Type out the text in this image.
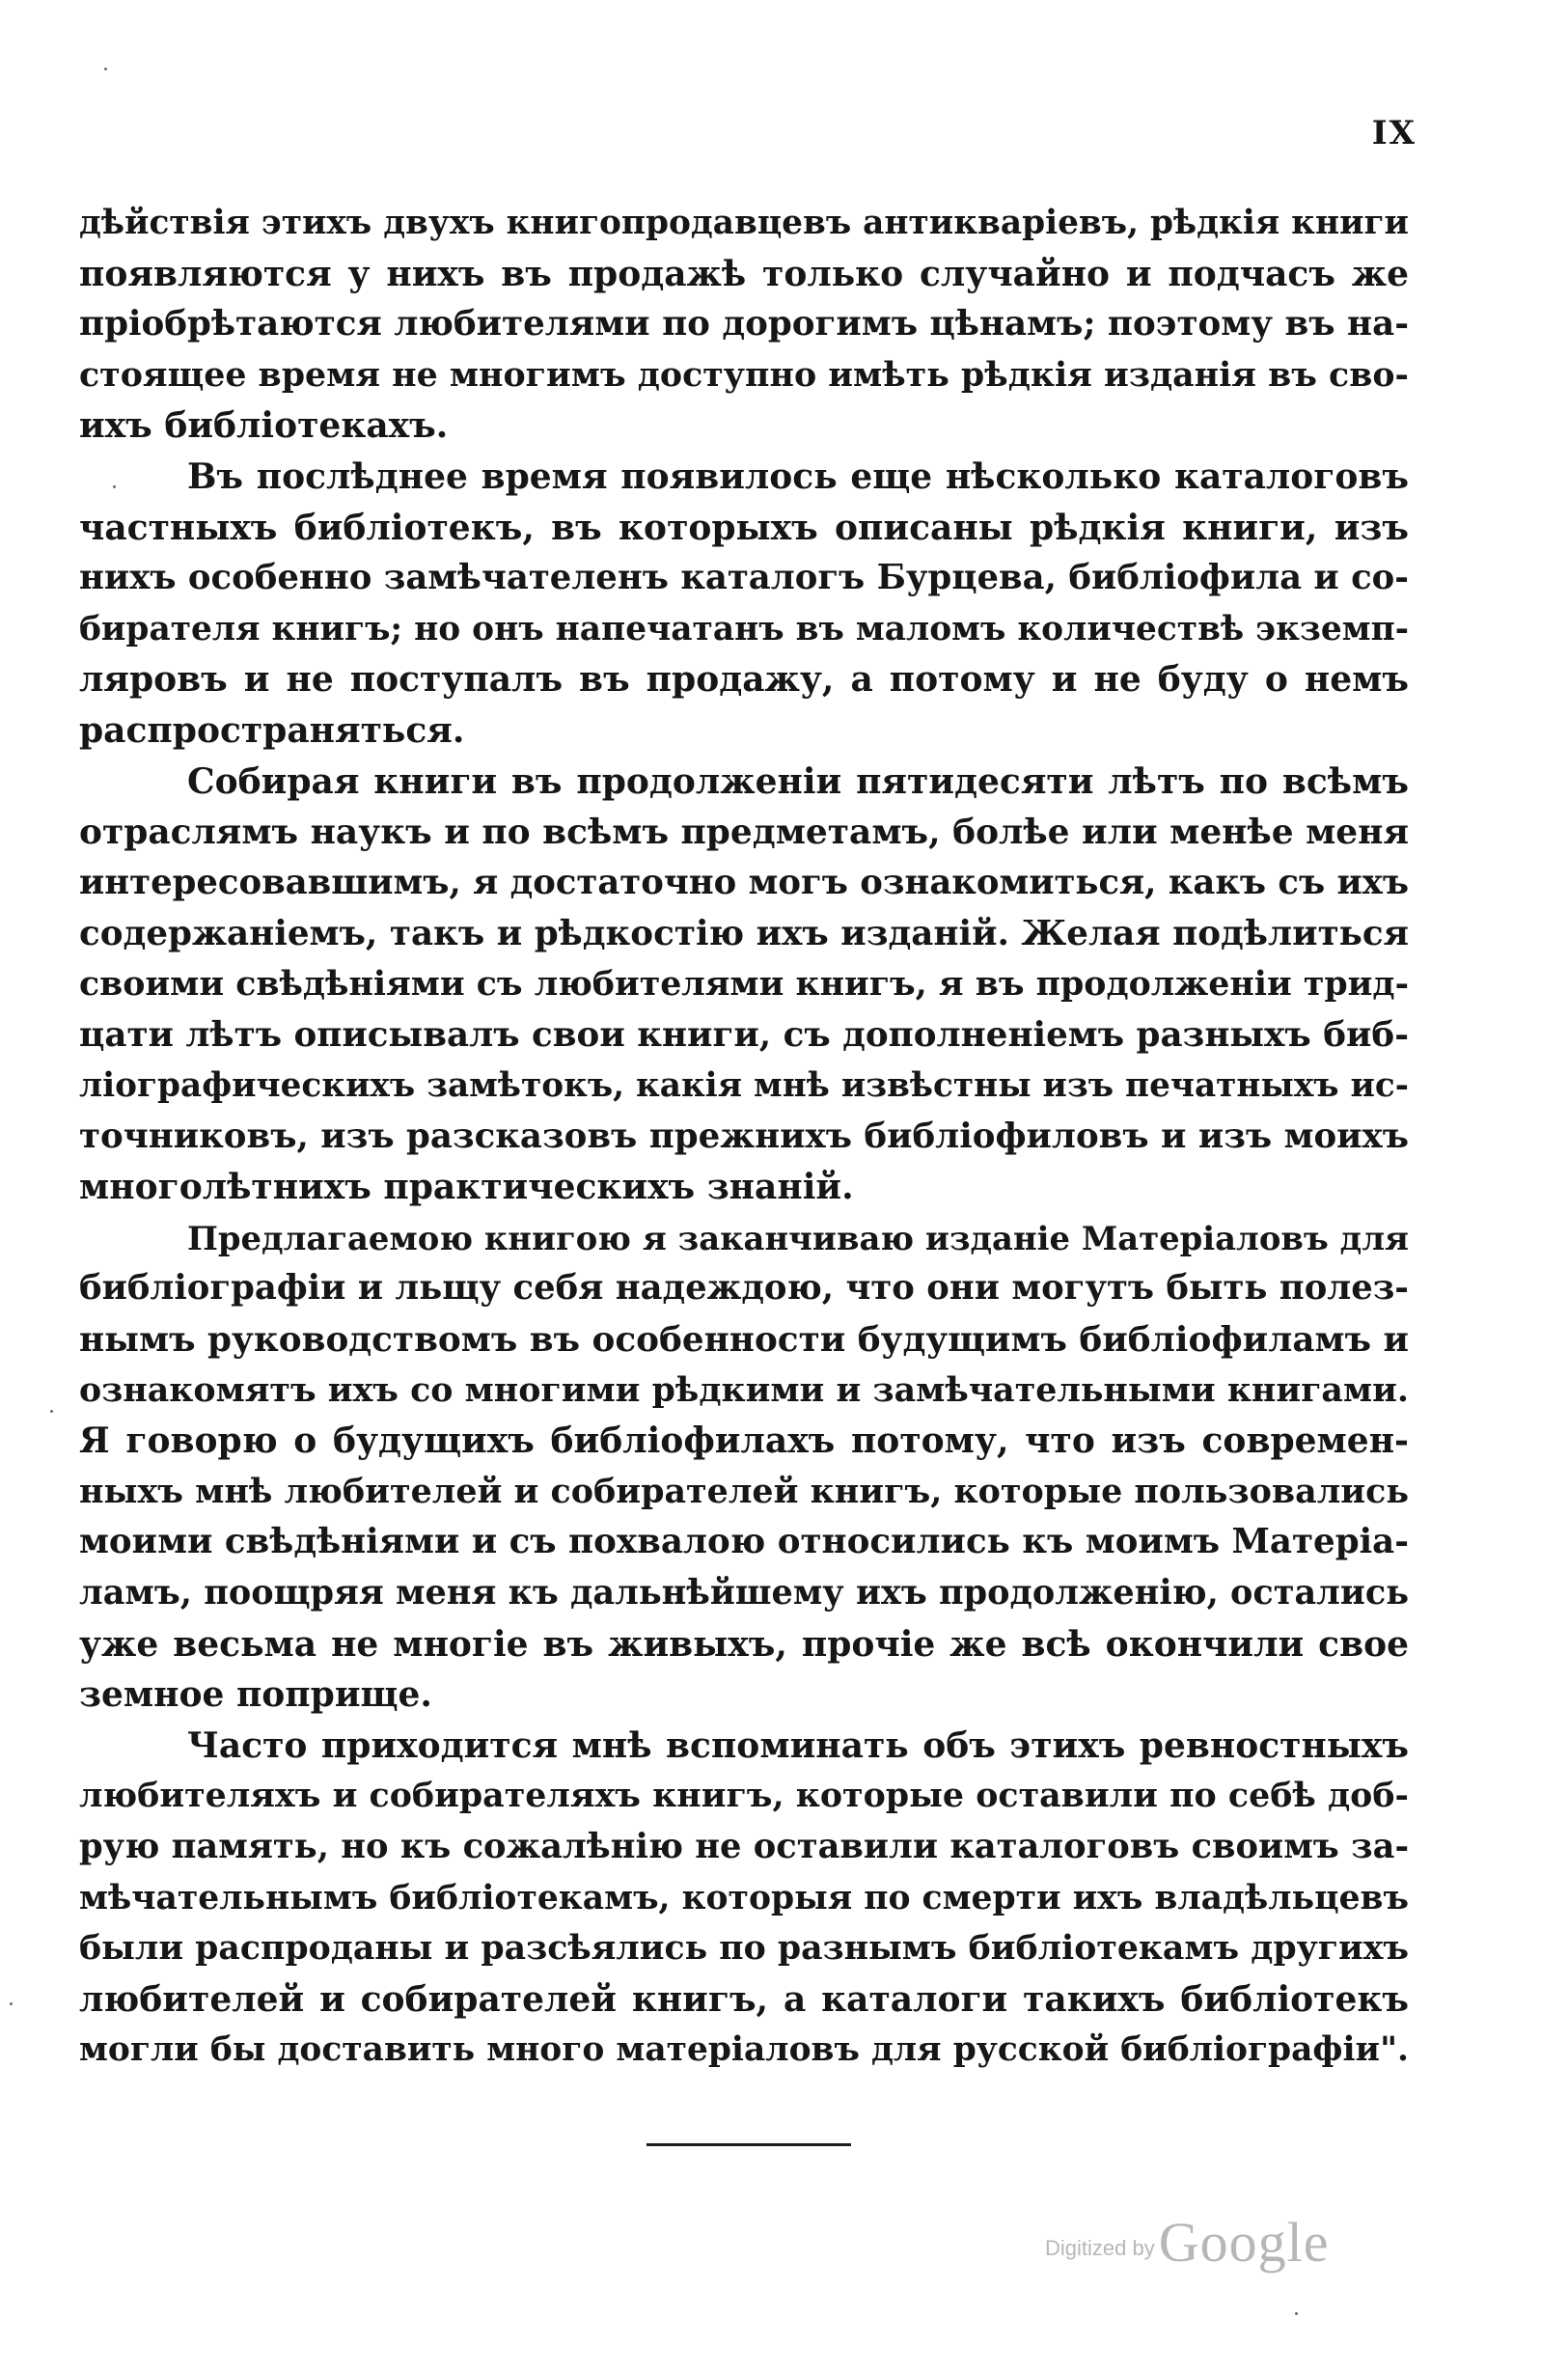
IX

дѣйствія этихъ двухъ книгопродавцевъ антикваріевъ, рѣдкія книги
появляются у нихъ въ продажѣ только случайно и подчасъ же
пріобрѣтаются любителями по дорогимъ цѣнамъ; поэтому въ на-
стоящее время не многимъ доступно имѣть рѣдкія изданія въ сво-
ихъ библіотекахъ.

Въ послѣднее время появилось еще нѣсколько каталоговъ
частныхъ библіотекъ, въ которыхъ описаны рѣдкія книги, изъ
нихъ особенно замѣчателенъ каталогъ Бурцева, библіофила и со-
бирателя книгъ; но онъ напечатанъ въ маломъ количествѣ экземп-
ляровъ и не поступалъ въ продажу, а потому и не буду о немъ
распространяться.

Собирая книги въ продолженіи пятидесяти лѣтъ по всѣмъ
отраслямъ наукъ и по всѣмъ предметамъ, болѣе или менѣе меня
интересовавшимъ, я достаточно могъ ознакомиться, какъ съ ихъ
содержаніемъ, такъ и рѣдкостію ихъ изданій. Желая подѣлиться
своими свѣдѣніями съ любителями книгъ, я въ продолженіи трид-
цати лѣтъ описывалъ свои книги, съ дополненіемъ разныхъ биб-
ліографическихъ замѣтокъ, какія мнѣ извѣстны изъ печатныхъ ис-
точниковъ, изъ разсказовъ прежнихъ библіофиловъ и изъ моихъ
многолѣтнихъ практическихъ знаній.

Предлагаемою книгою я заканчиваю изданіе Матеріаловъ для
библіографіи и льщу себя надеждою, что они могутъ быть полез-
нымъ руководствомъ въ особенности будущимъ библіофиламъ и
ознакомятъ ихъ со многими рѣдкими и замѣчательными книгами.
Я говорю о будущихъ библіофилахъ потому, что изъ современ-
ныхъ мнѣ любителей и собирателей книгъ, которые пользовались
моими свѣдѣніями и съ похвалою относились къ моимъ Матеріа-
ламъ, поощряя меня къ дальнѣйшему ихъ продолженію, остались
уже весьма не многіе въ живыхъ, прочіе же всѣ окончили свое
земное поприще.

Часто приходится мнѣ вспоминать объ этихъ ревностныхъ
любителяхъ и собирателяхъ книгъ, которые оставили по себѣ доб-
рую память, но къ сожалѣнію не оставили каталоговъ своимъ за-
мѣчательнымъ библіотекамъ, которыя по смерти ихъ владѣльцевъ
были распроданы и разсѣялись по разнымъ библіотекамъ другихъ
любителей и собирателей книгъ, а каталоги такихъ библіотекъ
могли бы доставить много матеріаловъ для русской библіографіи".

Digitized by Google
